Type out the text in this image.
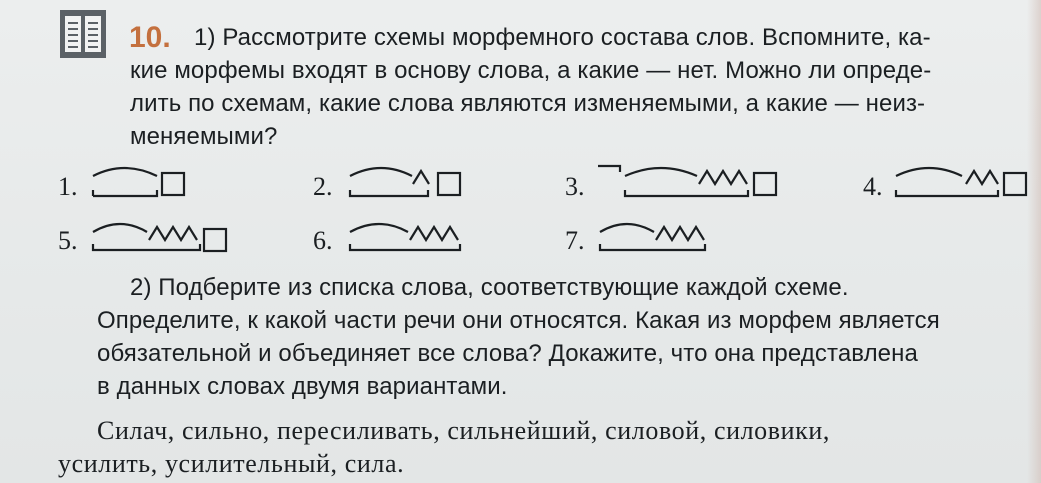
10. 1) Рассмотрите схемы морфемного состава слов. Вспомните, ка-
кие морфемы входят в основу слова, а какие — нет. Можно ли опреде-
лить по схемам, какие слова являются изменяемыми, а какие — неиз-
меняемыми?
1.	2.	3.	4.
5.	6.	7.
2) Подберите из списка слова, соответствующие каждой схеме.
Определите, к какой части речи они относятся. Какая из морфем является
обязательной и объединяет все слова? Докажите, что она представлена
в данных словах двумя вариантами.
Силач, сильно, пересиливать, сильнейший, силовой, силовики,
усилить, усилительный, сила.
